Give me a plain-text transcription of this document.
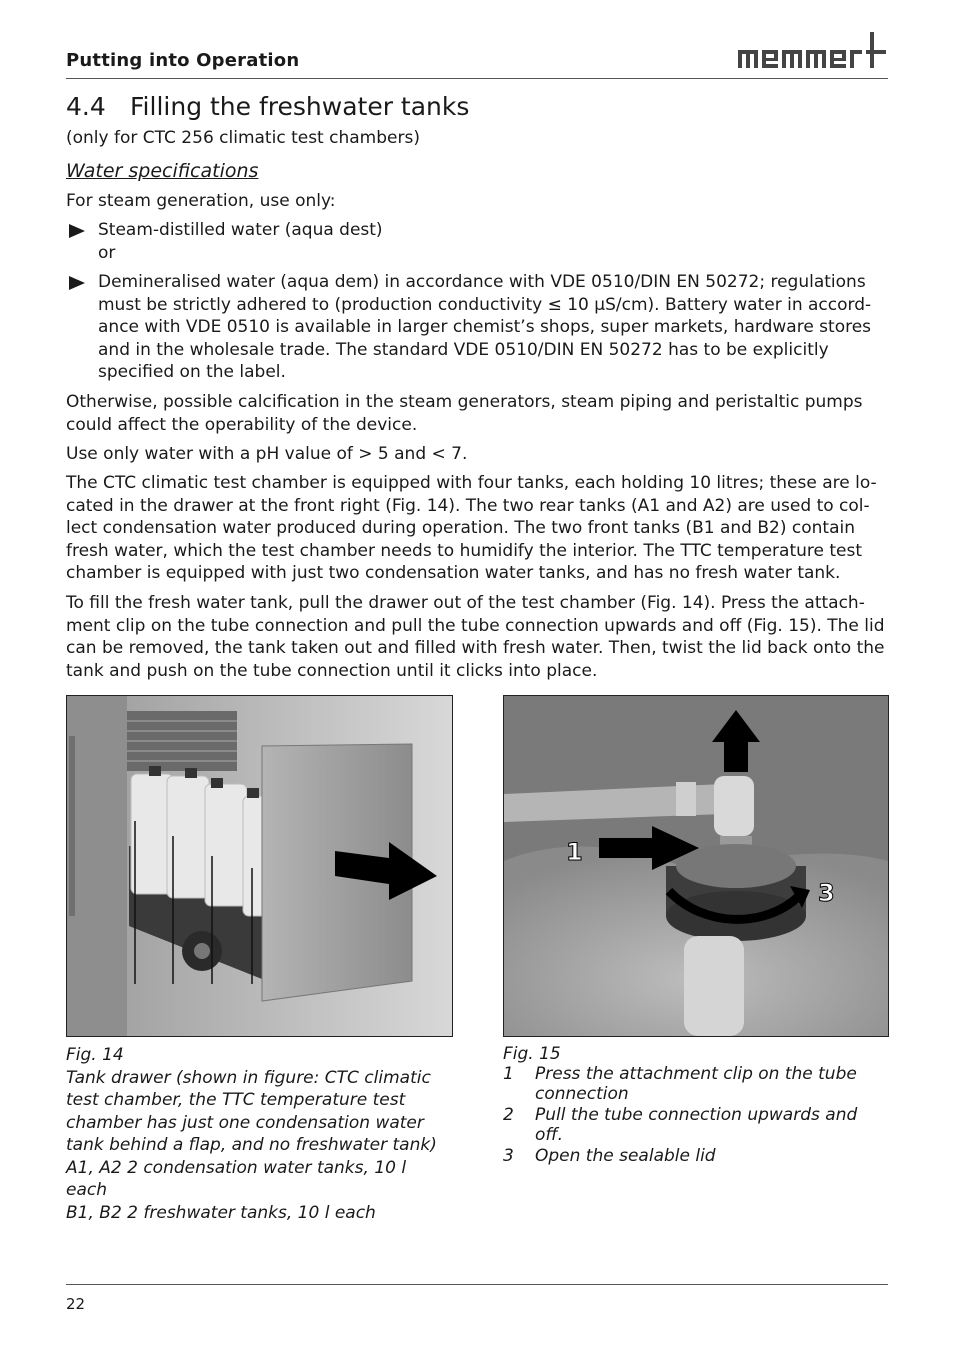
Putting into Operation
4.4 Filling the freshwater tanks
(only for CTC 256 climatic test chambers)
Water specifications
For steam generation, use only:
Steam-distilled water (aqua dest)
or
Demineralised water (aqua dem) in accordance with VDE 0510/DIN EN 50272; regulations must be strictly adhered to (production conductivity ≤ 10 μS/cm). Battery water in accord-ance with VDE 0510 is available in larger chemist’s shops, super markets, hardware stores and in the wholesale trade. The standard VDE 0510/DIN EN 50272 has to be explicitly specified on the label.
Otherwise, possible calcification in the steam generators, steam piping and peristaltic pumps could affect the operability of the device.
Use only water with a pH value of > 5 and < 7.
The CTC climatic test chamber is equipped with four tanks, each holding 10 litres; these are lo-cated in the drawer at the front right (Fig. 14). The two rear tanks (A1 and A2) are used to col-lect condensation water produced during operation. The two front tanks (B1 and B2) contain fresh water, which the test chamber needs to humidify the interior. The TTC temperature test chamber is equipped with just two condensation water tanks, and has no fresh water tank.
To fill the fresh water tank, pull the drawer out of the test chamber (Fig. 14). Press the attach-ment clip on the tube connection and pull the tube connection upwards and off (Fig. 15). The lid can be removed, the tank taken out and filled with fresh water. Then, twist the lid back onto the tank and push on the tube connection until it clicks into place.
1
3
Fig. 14
Tank drawer (shown in figure: CTC climatic test chamber, the TTC temperature test chamber has just one condensation water tank behind a flap, and no freshwater tank)
A1, A2 2 condensation water tanks, 10 l each
B1, B2 2 freshwater tanks, 10 l each
Fig. 15
1	Press the attachment clip on the tube connection
2	Pull the tube connection upwards and off.
3	Open the sealable lid
22
